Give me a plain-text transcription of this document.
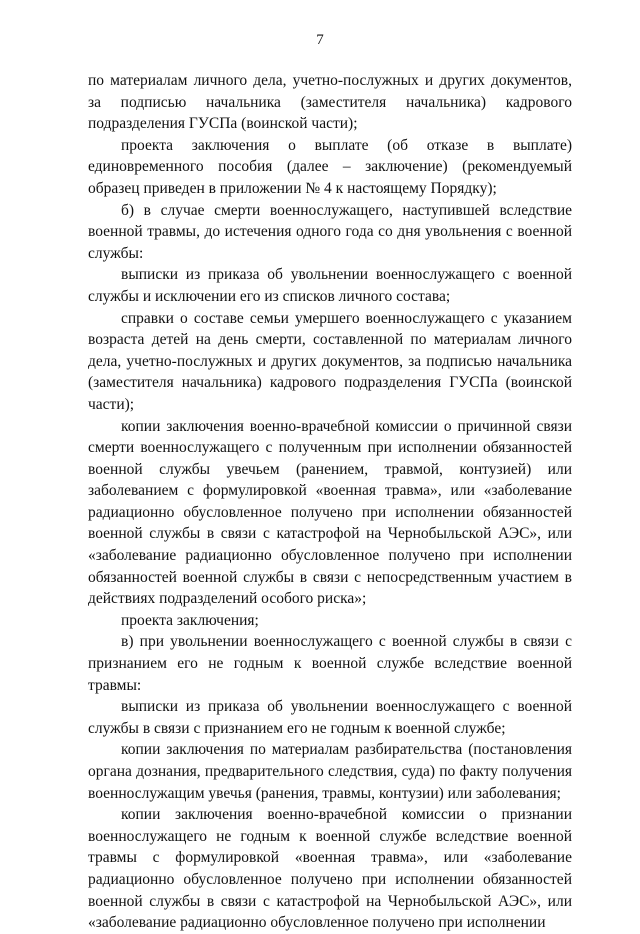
7

по материалам личного дела, учетно-послужных и других документов, за подписью начальника (заместителя начальника) кадрового подразделения ГУСПа (воинской части);

проекта заключения о выплате (об отказе в выплате) единовременного пособия (далее – заключение) (рекомендуемый образец приведен в приложении № 4 к настоящему Порядку);

б) в случае смерти военнослужащего, наступившей вследствие военной травмы, до истечения одного года со дня увольнения с военной службы:

выписки из приказа об увольнении военнослужащего с военной службы и исключении его из списков личного состава;

справки о составе семьи умершего военнослужащего с указанием возраста детей на день смерти, составленной по материалам личного дела, учетно-послужных и других документов, за подписью начальника (заместителя начальника) кадрового подразделения ГУСПа (воинской части);

копии заключения военно-врачебной комиссии о причинной связи смерти военнослужащего с полученным при исполнении обязанностей военной службы увечьем (ранением, травмой, контузией) или заболеванием с формулировкой «военная травма», или «заболевание радиационно обусловленное получено при исполнении обязанностей военной службы в связи с катастрофой на Чернобыльской АЭС», или «заболевание радиационно обусловленное получено при исполнении обязанностей военной службы в связи с непосредственным участием в действиях подразделений особого риска»;

проекта заключения;

в) при увольнении военнослужащего с военной службы в связи с признанием его не годным к военной службе вследствие военной травмы:

выписки из приказа об увольнении военнослужащего с военной службы в связи с признанием его не годным к военной службе;

копии заключения по материалам разбирательства (постановления органа дознания, предварительного следствия, суда) по факту получения военнослужащим увечья (ранения, травмы, контузии) или заболевания;

копии заключения военно-врачебной комиссии о признании военнослужащего не годным к военной службе вследствие военной травмы с формулировкой «военная травма», или «заболевание радиационно обусловленное получено при исполнении обязанностей военной службы в связи с катастрофой на Чернобыльской АЭС», или «заболевание радиационно обусловленное получено при исполнении
